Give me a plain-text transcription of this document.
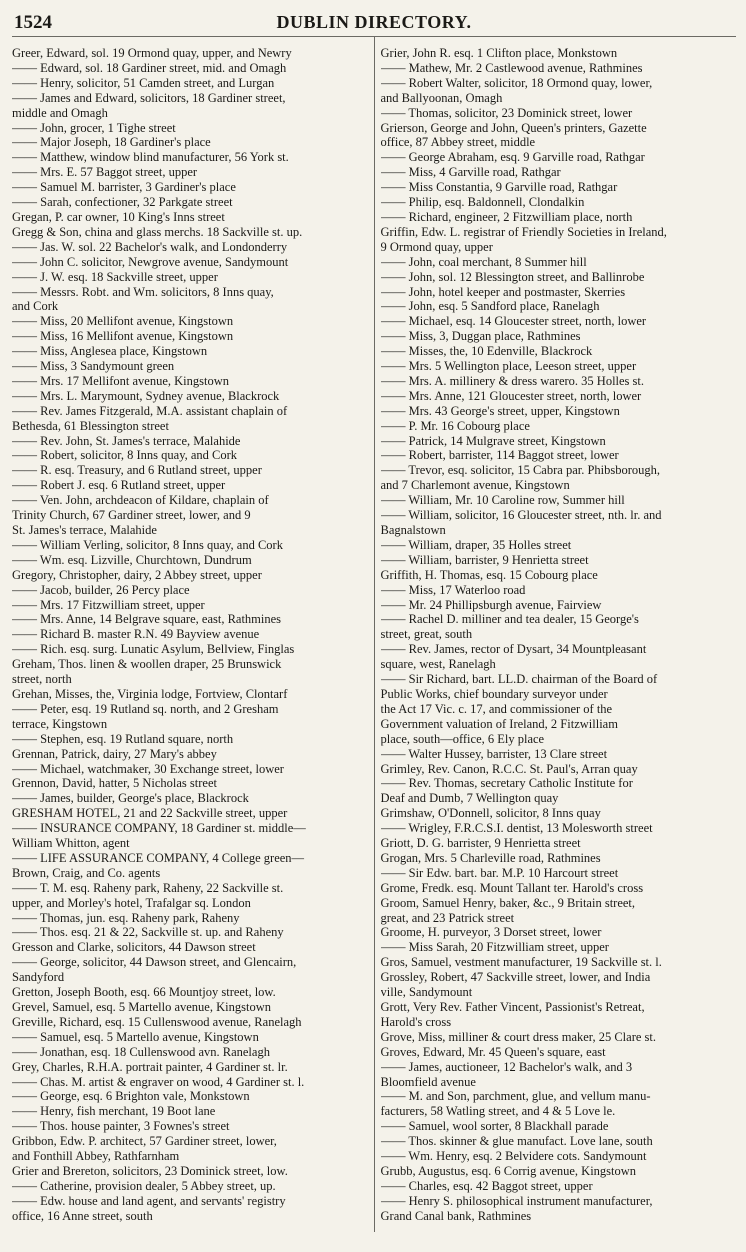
1524	DUBLIN DIRECTORY.
Greer, Edward, sol. 19 Ormond quay, upper, and Newry
—— Edward, sol. 18 Gardiner street, mid. and Omagh
—— Henry, solicitor, 51 Camden street, and Lurgan
—— James and Edward, solicitors, 18 Gardiner street,
middle and Omagh
—— John, grocer, 1 Tighe street
—— Major Joseph, 18 Gardiner's place
—— Matthew, window blind manufacturer, 56 York st.
—— Mrs. E. 57 Baggot street, upper
—— Samuel M. barrister, 3 Gardiner's place
—— Sarah, confectioner, 32 Parkgate street
Gregan, P. car owner, 10 King's Inns street
Gregg & Son, china and glass merchs. 18 Sackville st. up.
—— Jas. W. sol. 22 Bachelor's walk, and Londonderry
—— John C. solicitor, Newgrove avenue, Sandymount
—— J. W. esq. 18 Sackville street, upper
—— Messrs. Robt. and Wm. solicitors, 8 Inns quay,
and Cork
—— Miss, 20 Mellifont avenue, Kingstown
—— Miss, 16 Mellifont avenue, Kingstown
—— Miss, Anglesea place, Kingstown
—— Miss, 3 Sandymount green
—— Mrs. 17 Mellifont avenue, Kingstown
—— Mrs. L. Marymount, Sydney avenue, Blackrock
—— Rev. James Fitzgerald, M.A. assistant chaplain of
Bethesda, 61 Blessington street
—— Rev. John, St. James's terrace, Malahide
—— Robert, solicitor, 8 Inns quay, and Cork
—— R. esq. Treasury, and 6 Rutland street, upper
—— Robert J. esq. 6 Rutland street, upper
—— Ven. John, archdeacon of Kildare, chaplain of
Trinity Church, 67 Gardiner street, lower, and 9
St. James's terrace, Malahide
—— William Verling, solicitor, 8 Inns quay, and Cork
—— Wm. esq. Lizville, Churchtown, Dundrum
Gregory, Christopher, dairy, 2 Abbey street, upper
—— Jacob, builder, 26 Percy place
—— Mrs. 17 Fitzwilliam street, upper
—— Mrs. Anne, 14 Belgrave square, east, Rathmines
—— Richard B. master R.N. 49 Bayview avenue
—— Rich. esq. surg. Lunatic Asylum, Bellview, Finglas
Greham, Thos. linen & woollen draper, 25 Brunswick
street, north
Grehan, Misses, the, Virginia lodge, Fortview, Clontarf
—— Peter, esq. 19 Rutland sq. north, and 2 Gresham
terrace, Kingstown
—— Stephen, esq. 19 Rutland square, north
Grennan, Patrick, dairy, 27 Mary's abbey
—— Michael, watchmaker, 30 Exchange street, lower
Grennon, David, hatter, 5 Nicholas street
—— James, builder, George's place, Blackrock
GRESHAM HOTEL, 21 and 22 Sackville street, upper
—— INSURANCE COMPANY, 18 Gardiner st. middle—
William Whitton, agent
—— LIFE ASSURANCE COMPANY, 4 College green—
Brown, Craig, and Co. agents
—— T. M. esq. Raheny park, Raheny, 22 Sackville st.
upper, and Morley's hotel, Trafalgar sq. London
—— Thomas, jun. esq. Raheny park, Raheny
—— Thos. esq. 21 & 22, Sackville st. up. and Raheny
Gresson and Clarke, solicitors, 44 Dawson street
—— George, solicitor, 44 Dawson street, and Glencairn,
Sandyford
Gretton, Joseph Booth, esq. 66 Mountjoy street, low.
Grevel, Samuel, esq. 5 Martello avenue, Kingstown
Greville, Richard, esq. 15 Cullenswood avenue, Ranelagh
—— Samuel, esq. 5 Martello avenue, Kingstown
—— Jonathan, esq. 18 Cullenswood avn. Ranelagh
Grey, Charles, R.H.A. portrait painter, 4 Gardiner st. lr.
—— Chas. M. artist & engraver on wood, 4 Gardiner st. l.
—— George, esq. 6 Brighton vale, Monkstown
—— Henry, fish merchant, 19 Boot lane
—— Thos. house painter, 3 Fownes's street
Gribbon, Edw. P. architect, 57 Gardiner street, lower,
and Fonthill Abbey, Rathfarnham
Grier and Brereton, solicitors, 23 Dominick street, low.
—— Catherine, provision dealer, 5 Abbey street, up.
—— Edw. house and land agent, and servants' registry
office, 16 Anne street, south
Grier, John R. esq. 1 Clifton place, Monkstown
—— Mathew, Mr. 2 Castlewood avenue, Rathmines
—— Robert Walter, solicitor, 18 Ormond quay, lower,
and Ballyoonan, Omagh
—— Thomas, solicitor, 23 Dominick street, lower
Grierson, George and John, Queen's printers, Gazette
office, 87 Abbey street, middle
—— George Abraham, esq. 9 Garville road, Rathgar
—— Miss, 4 Garville road, Rathgar
—— Miss Constantia, 9 Garville road, Rathgar
—— Philip, esq. Baldonnell, Clondalkin
—— Richard, engineer, 2 Fitzwilliam place, north
Griffin, Edw. L. registrar of Friendly Societies in Ireland,
9 Ormond quay, upper
—— John, coal merchant, 8 Summer hill
—— John, sol. 12 Blessington street, and Ballinrobe
—— John, hotel keeper and postmaster, Skerries
—— John, esq. 5 Sandford place, Ranelagh
—— Michael, esq. 14 Gloucester street, north, lower
—— Miss, 3, Duggan place, Rathmines
—— Misses, the, 10 Edenville, Blackrock
—— Mrs. 5 Wellington place, Leeson street, upper
—— Mrs. A. millinery & dress warero. 35 Holles st.
—— Mrs. Anne, 121 Gloucester street, north, lower
—— Mrs. 43 George's street, upper, Kingstown
—— P. Mr. 16 Cobourg place
—— Patrick, 14 Mulgrave street, Kingstown
—— Robert, barrister, 114 Baggot street, lower
—— Trevor, esq. solicitor, 15 Cabra par. Phibsborough,
and 7 Charlemont avenue, Kingstown
—— William, Mr. 10 Caroline row, Summer hill
—— William, solicitor, 16 Gloucester street, nth. lr. and
Bagnalstown
—— William, draper, 35 Holles street
—— William, barrister, 9 Henrietta street
Griffith, H. Thomas, esq. 15 Cobourg place
—— Miss, 17 Waterloo road
—— Mr. 24 Phillipsburgh avenue, Fairview
—— Rachel D. milliner and tea dealer, 15 George's
street, great, south
—— Rev. James, rector of Dysart, 34 Mountpleasant
square, west, Ranelagh
—— Sir Richard, bart. LL.D. chairman of the Board of
Public Works, chief boundary surveyor under
the Act 17 Vic. c. 17, and commissioner of the
Government valuation of Ireland, 2 Fitzwilliam
place, south—office, 6 Ely place
—— Walter Hussey, barrister, 13 Clare street
Grimley, Rev. Canon, R.C.C. St. Paul's, Arran quay
—— Rev. Thomas, secretary Catholic Institute for
Deaf and Dumb, 7 Wellington quay
Grimshaw, O'Donnell, solicitor, 8 Inns quay
—— Wrigley, F.R.C.S.I. dentist, 13 Molesworth street
Griott, D. G. barrister, 9 Henrietta street
Grogan, Mrs. 5 Charleville road, Rathmines
—— Sir Edw. bart. bar. M.P. 10 Harcourt street
Grome, Fredk. esq. Mount Tallant ter. Harold's cross
Groom, Samuel Henry, baker, &c., 9 Britain street,
great, and 23 Patrick street
Groome, H. purveyor, 3 Dorset street, lower
—— Miss Sarah, 20 Fitzwilliam street, upper
Gros, Samuel, vestment manufacturer, 19 Sackville st. l.
Grossley, Robert, 47 Sackville street, lower, and India
ville, Sandymount
Grott, Very Rev. Father Vincent, Passionist's Retreat,
Harold's cross
Grove, Miss, milliner & court dress maker, 25 Clare st.
Groves, Edward, Mr. 45 Queen's square, east
—— James, auctioneer, 12 Bachelor's walk, and 3
Bloomfield avenue
—— M. and Son, parchment, glue, and vellum manu-
facturers, 58 Watling street, and 4 & 5 Love le.
—— Samuel, wool sorter, 8 Blackhall parade
—— Thos. skinner & glue manufact. Love lane, south
—— Wm. Henry, esq. 2 Belvidere cots. Sandymount
Grubb, Augustus, esq. 6 Corrig avenue, Kingstown
—— Charles, esq. 42 Baggot street, upper
—— Henry S. philosophical instrument manufacturer,
Grand Canal bank, Rathmines
